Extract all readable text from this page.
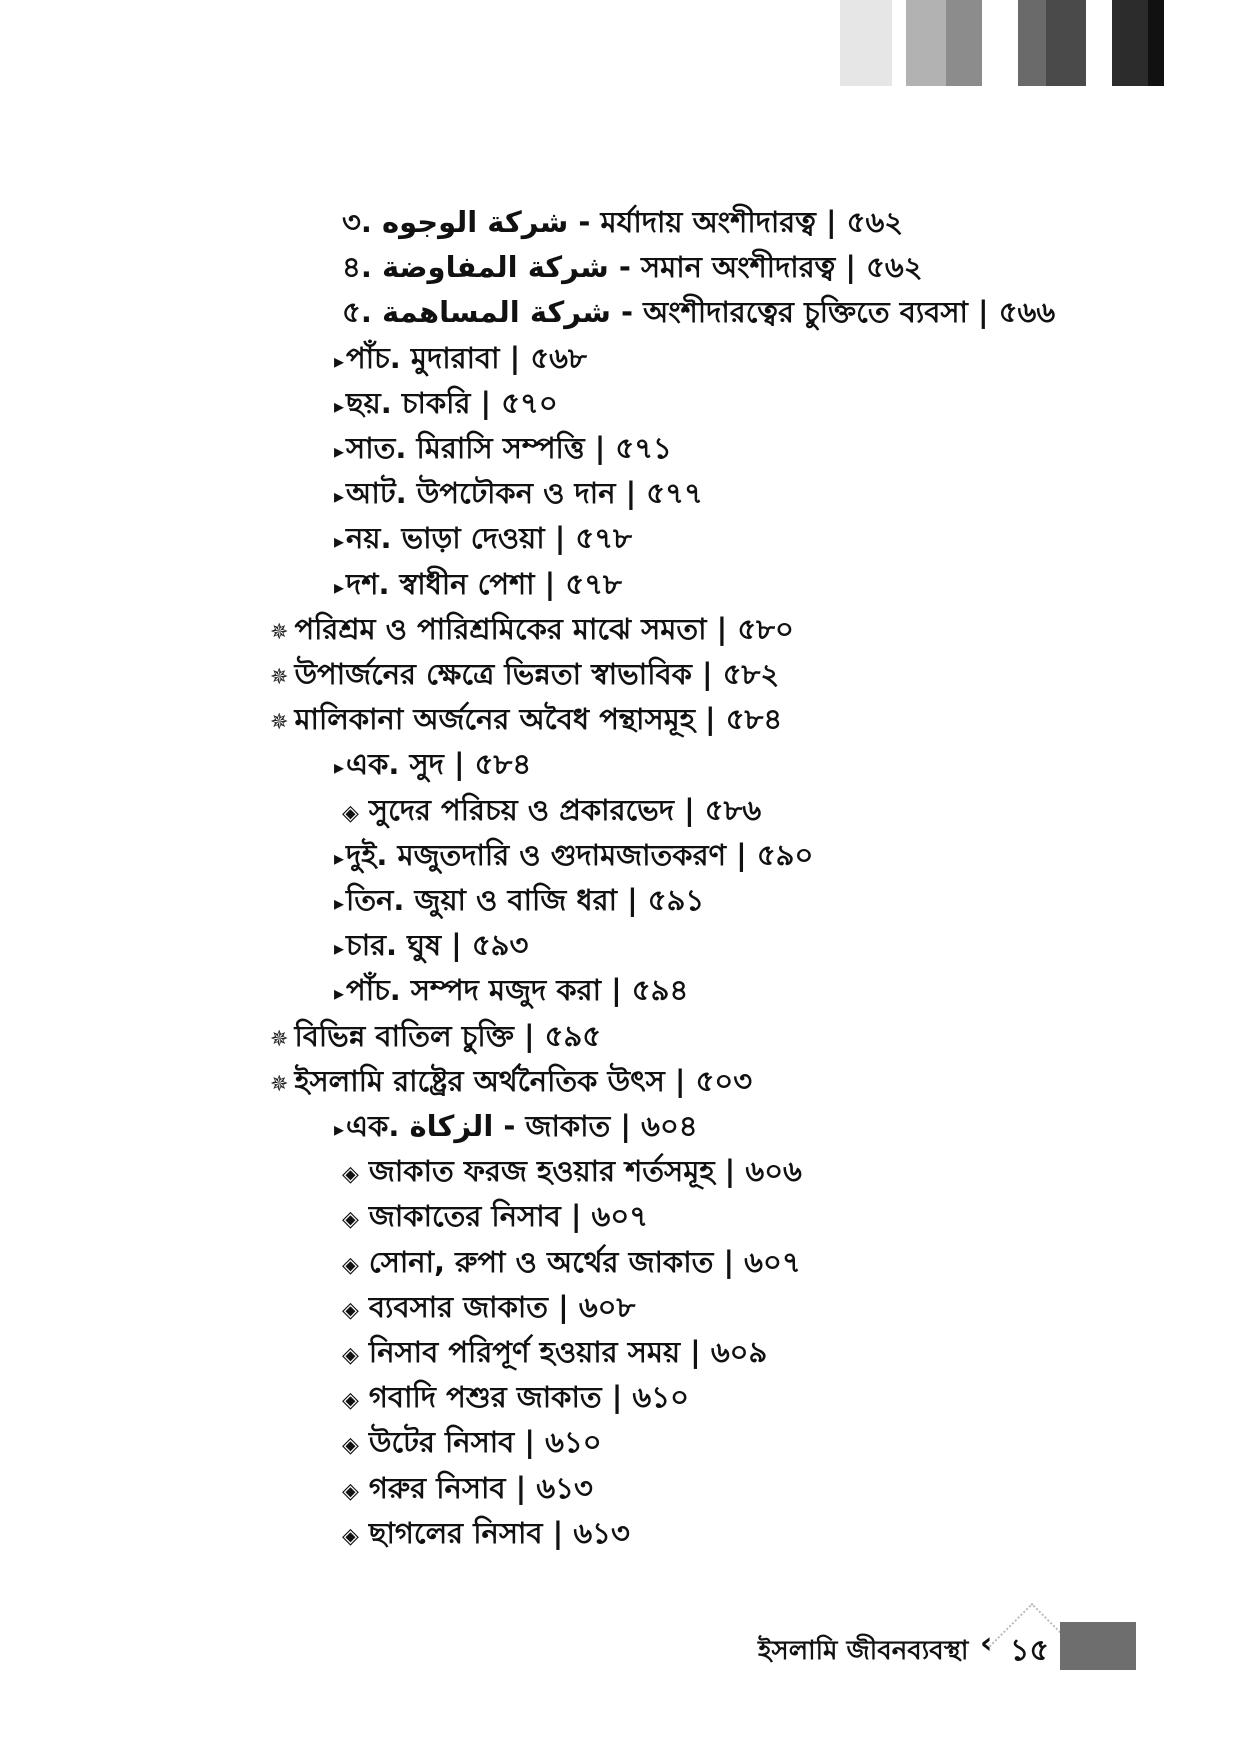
৩. شركة الوجوه - মর্যাদায় অংশীদারত্ব | ৫৬২
৪. شركة المفاوضة - সমান অংশীদারত্ব | ৫৬২
৫. شركة المساهمة - অংশীদারত্বের চুক্তিতে ব্যবসা | ৫৬৬
▸পাঁচ. মুদারাবা | ৫৬৮
▸ছয়. চাকরি | ৫৭০
▸সাত. মিরাসি সম্পত্তি | ৫৭১
▸আট. উপঢৌকন ও দান | ৫৭৭
▸নয়. ভাড়া দেওয়া | ৫৭৮
▸দশ. স্বাধীন পেশা | ৫৭৮
✵ পরিশ্রম ও পারিশ্রমিকের মাঝে সমতা | ৫৮০
✵ উপার্জনের ক্ষেত্রে ভিন্নতা স্বাভাবিক | ৫৮২
✵ মালিকানা অর্জনের অবৈধ পন্থাসমূহ | ৫৮৪
▸এক. সুদ | ৫৮৪
◈ সুদের পরিচয় ও প্রকারভেদ | ৫৮৬
▸দুই. মজুতদারি ও গুদামজাতকরণ | ৫৯০
▸তিন. জুয়া ও বাজি ধরা | ৫৯১
▸চার. ঘুষ | ৫৯৩
▸পাঁচ. সম্পদ মজুদ করা | ৫৯৪
✵ বিভিন্ন বাতিল চুক্তি | ৫৯৫
✵ ইসলামি রাষ্ট্রের অর্থনৈতিক উৎস | ৫০৩
▸এক. الزكاة - জাকাত | ৬০৪
◈ জাকাত ফরজ হওয়ার শর্তসমূহ | ৬০৬
◈ জাকাতের নিসাব | ৬০৭
◈ সোনা, রুপা ও অর্থের জাকাত | ৬০৭
◈ ব্যবসার জাকাত | ৬০৮
◈ নিসাব পরিপূর্ণ হওয়ার সময় | ৬০৯
◈ গবাদি পশুর জাকাত | ৬১০
◈ উটের নিসাব | ৬১০
◈ গরুর নিসাব | ৬১৩
◈ ছাগলের নিসাব | ৬১৩
ইসলামি জীবনব্যবস্থা ‹ ১৫
